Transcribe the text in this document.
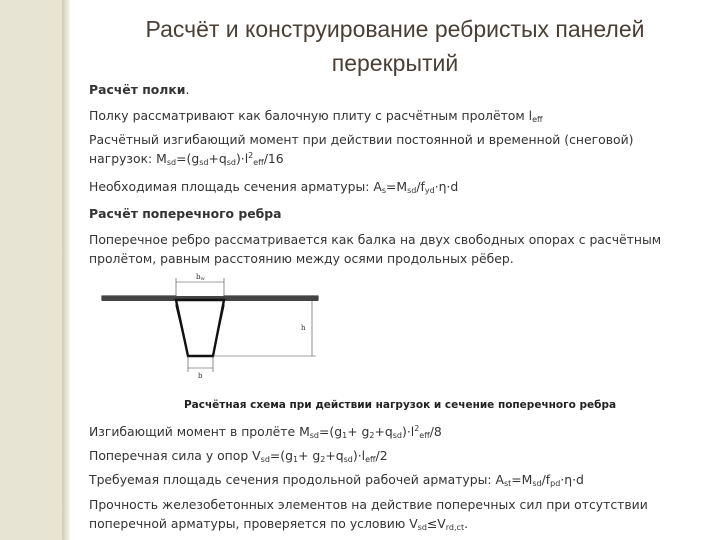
Расчёт и конструирование ребристых панелей перекрытий

Расчёт полки.

Полку рассматривают как балочную плиту с расчётным пролётом $l_{eff}$

Расчётный изгибающий момент при действии постоянной и временной (снеговой) нагрузок: $M_{sd}=(g_{sd}+q_{sd})\cdot l^2_{eff}/16$

Необходимая площадь сечения арматуры: $A_s=M_{sd}/f_{yd}\cdot\eta\cdot d$

Расчёт поперечного ребра

Поперечное ребро рассматривается как балка на двух свободных опорах с расчётным пролётом, равным расстоянию между осями продольных рёбер.

bw
b
h
Расчётная схема при действии нагрузок и сечение поперечного ребра

Изгибающий момент в пролёте $M_{sd}=(g_1+ g_2+q_{sd})\cdot l^2_{eff}/8$

Поперечная сила у опор $V_{sd}=(g_1+ g_2+q_{sd})\cdot l_{eff}/2$

Требуемая площадь сечения продольной рабочей арматуры: $A_{st}=M_{sd}/f_{pd}\cdot\eta\cdot d$

Прочность железобетонных элементов на действие поперечных сил при отсутствии поперечной арматуры, проверяется по условию $V_{sd}\le V_{rd,ct}$.
